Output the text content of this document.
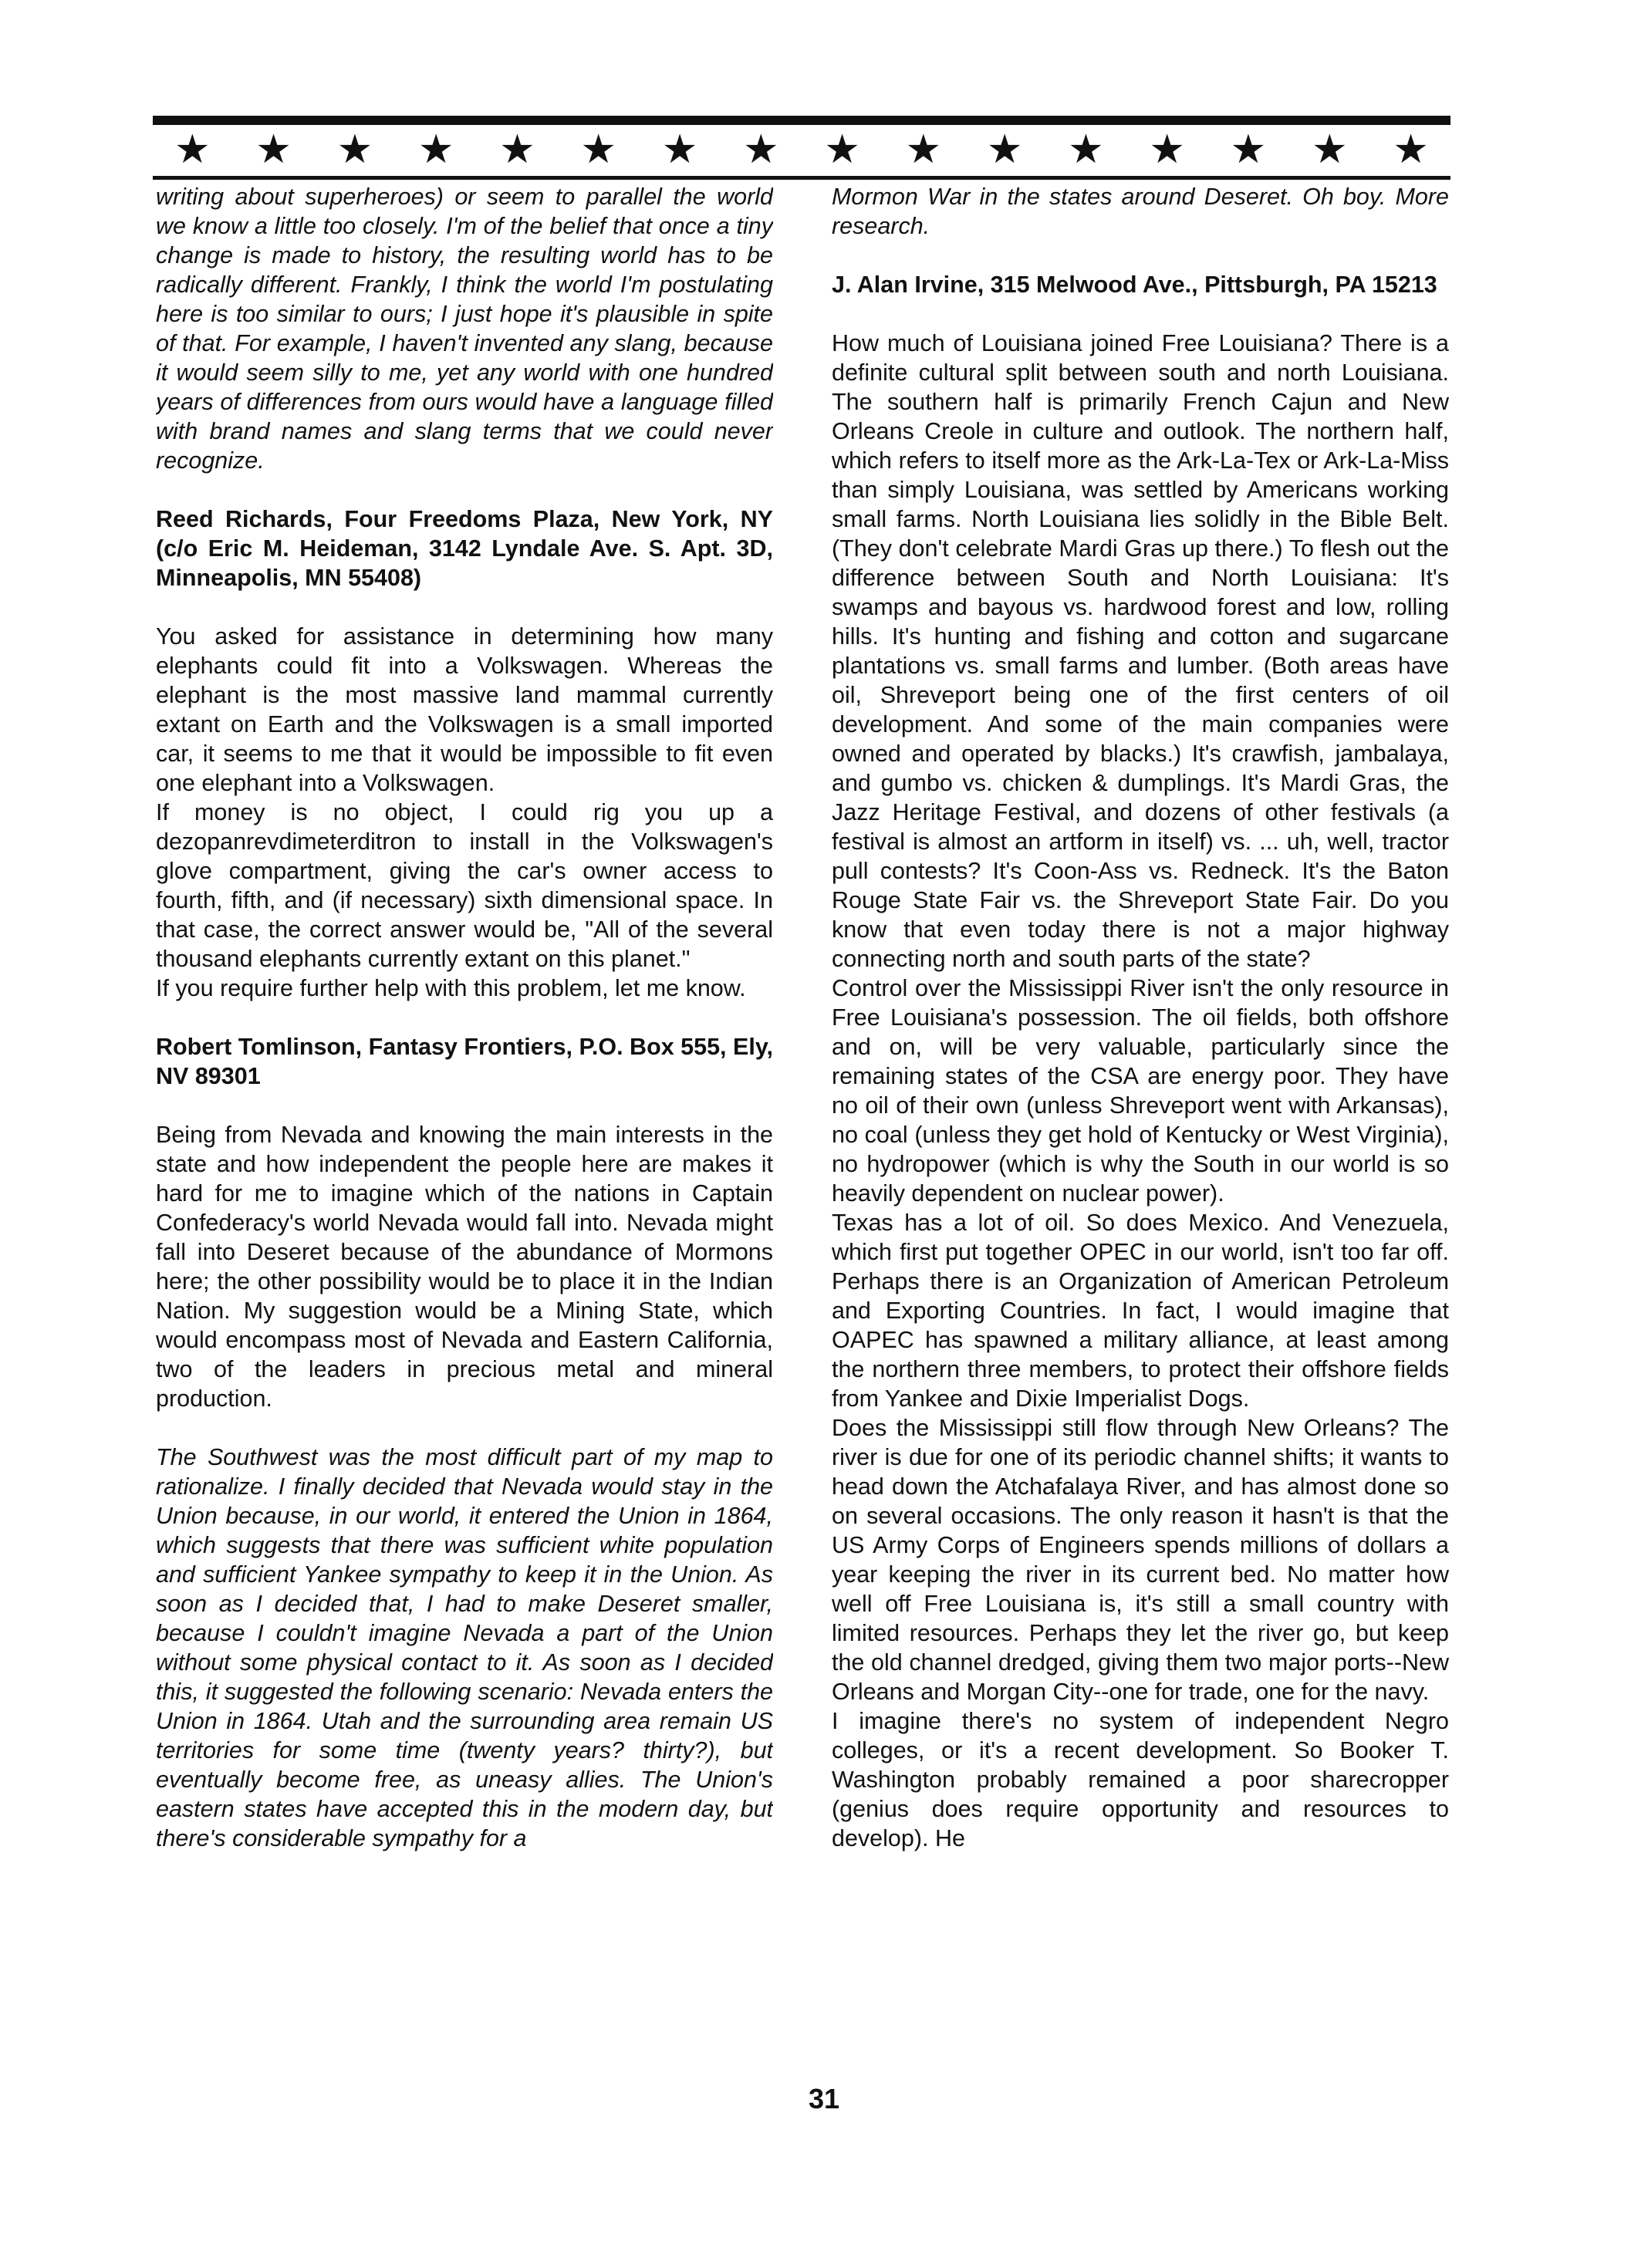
★ ★ ★ ★ ★ ★ ★ ★ ★ ★ ★ ★ ★ ★ ★ ★

writing about superheroes) or seem to parallel the world we know a little too closely. I'm of the belief that once a tiny change is made to history, the resulting world has to be radically different. Frankly, I think the world I'm postulating here is too similar to ours; I just hope it's plausible in spite of that. For example, I haven't invented any slang, because it would seem silly to me, yet any world with one hundred years of differences from ours would have a language filled with brand names and slang terms that we could never recognize.

Reed Richards, Four Freedoms Plaza, New York, NY (c/o Eric M. Heideman, 3142 Lyndale Ave. S. Apt. 3D, Minneapolis, MN 55408)

You asked for assistance in determining how many elephants could fit into a Volkswagen. Whereas the elephant is the most massive land mammal currently extant on Earth and the Volkswagen is a small imported car, it seems to me that it would be impossible to fit even one elephant into a Volkswagen.

If money is no object, I could rig you up a dezopanrevdimeterditron to install in the Volkswagen's glove compartment, giving the car's owner access to fourth, fifth, and (if necessary) sixth dimensional space. In that case, the correct answer would be, "All of the several thousand elephants currently extant on this planet."

If you require further help with this problem, let me know.

Robert Tomlinson, Fantasy Frontiers, P.O. Box 555, Ely, NV 89301

Being from Nevada and knowing the main interests in the state and how independent the people here are makes it hard for me to imagine which of the nations in Captain Confederacy's world Nevada would fall into. Nevada might fall into Deseret because of the abundance of Mormons here; the other possibility would be to place it in the Indian Nation. My suggestion would be a Mining State, which would encompass most of Nevada and Eastern California, two of the leaders in precious metal and mineral production.

The Southwest was the most difficult part of my map to rationalize. I finally decided that Nevada would stay in the Union because, in our world, it entered the Union in 1864, which suggests that there was sufficient white population and sufficient Yankee sympathy to keep it in the Union. As soon as I decided that, I had to make Deseret smaller, because I couldn't imagine Nevada a part of the Union without some physical contact to it. As soon as I decided this, it suggested the following scenario: Nevada enters the Union in 1864. Utah and the surrounding area remain US territories for some time (twenty years? thirty?), but eventually become free, as uneasy allies. The Union's eastern states have accepted this in the modern day, but there's considerable sympathy for a

Mormon War in the states around Deseret. Oh boy. More research.

J. Alan Irvine, 315 Melwood Ave., Pittsburgh, PA 15213

How much of Louisiana joined Free Louisiana? There is a definite cultural split between south and north Louisiana. The southern half is primarily French Cajun and New Orleans Creole in culture and outlook. The northern half, which refers to itself more as the Ark-La-Tex or Ark-La-Miss than simply Louisiana, was settled by Americans working small farms. North Louisiana lies solidly in the Bible Belt. (They don't celebrate Mardi Gras up there.) To flesh out the difference between South and North Louisiana: It's swamps and bayous vs. hardwood forest and low, rolling hills. It's hunting and fishing and cotton and sugarcane plantations vs. small farms and lumber. (Both areas have oil, Shreveport being one of the first centers of oil development. And some of the main companies were owned and operated by blacks.) It's crawfish, jambalaya, and gumbo vs. chicken & dumplings. It's Mardi Gras, the Jazz Heritage Festival, and dozens of other festivals (a festival is almost an artform in itself) vs. ... uh, well, tractor pull contests? It's Coon-Ass vs. Redneck. It's the Baton Rouge State Fair vs. the Shreveport State Fair. Do you know that even today there is not a major highway connecting north and south parts of the state?

Control over the Mississippi River isn't the only resource in Free Louisiana's possession. The oil fields, both offshore and on, will be very valuable, particularly since the remaining states of the CSA are energy poor. They have no oil of their own (unless Shreveport went with Arkansas), no coal (unless they get hold of Kentucky or West Virginia), no hydropower (which is why the South in our world is so heavily dependent on nuclear power).

Texas has a lot of oil. So does Mexico. And Venezuela, which first put together OPEC in our world, isn't too far off. Perhaps there is an Organization of American Petroleum and Exporting Countries. In fact, I would imagine that OAPEC has spawned a military alliance, at least among the northern three members, to protect their offshore fields from Yankee and Dixie Imperialist Dogs.

Does the Mississippi still flow through New Orleans? The river is due for one of its periodic channel shifts; it wants to head down the Atchafalaya River, and has almost done so on several occasions. The only reason it hasn't is that the US Army Corps of Engineers spends millions of dollars a year keeping the river in its current bed. No matter how well off Free Louisiana is, it's still a small country with limited resources. Perhaps they let the river go, but keep the old channel dredged, giving them two major ports--New Orleans and Morgan City--one for trade, one for the navy.

I imagine there's no system of independent Negro colleges, or it's a recent development. So Booker T. Washington probably remained a poor sharecropper (genius does require opportunity and resources to develop). He

31
